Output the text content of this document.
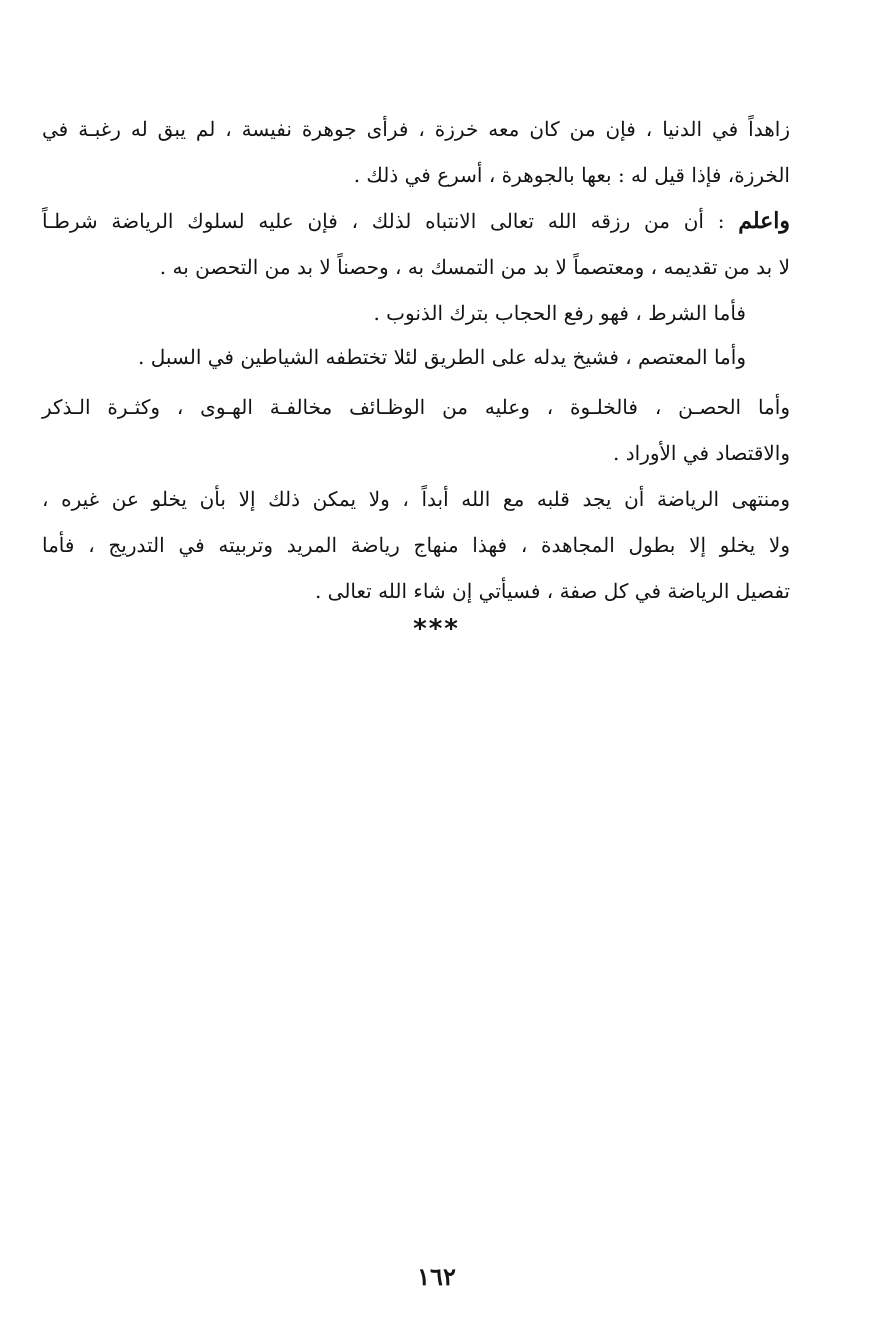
زاهداً في الدنيا ، فإن من كان معه خرزة ، فرأى جوهرة نفيسة ، لم يبق له رغبـة في
الخرزة، فإذا قيل له : بعها بالجوهرة ، أسرع في ذلك .
واعلم : أن من رزقه الله تعالى الانتباه لذلك ، فإن عليه لسلوك الرياضة شرطـاً
لا بد من تقديمه ، ومعتصماً لا بد من التمسك به ، وحصناً لا بد من التحصن به .
فأما الشرط ، فهو رفع الحجاب بترك الذنوب .
وأما المعتصم ، فشيخ يدله على الطريق لئلا تختطفه الشياطين في السبل .
وأما الحصـن ، فالخلـوة ، وعليه من الوظـائف مخالفـة الهـوى ، وكثـرة الـذكر
والاقتصاد في الأوراد .
ومنتهى الرياضة أن يجد قلبه مع الله أبداً ، ولا يمكن ذلك إلا بأن يخلو عن غيره ،
ولا يخلو إلا بطول المجاهدة ، فهذا منهاج رياضة المريد وتربيته في التدريج ، فأما
تفصيل الرياضة في كل صفة ، فسيأتي إن شاء الله تعالى .
***
١٦٢
